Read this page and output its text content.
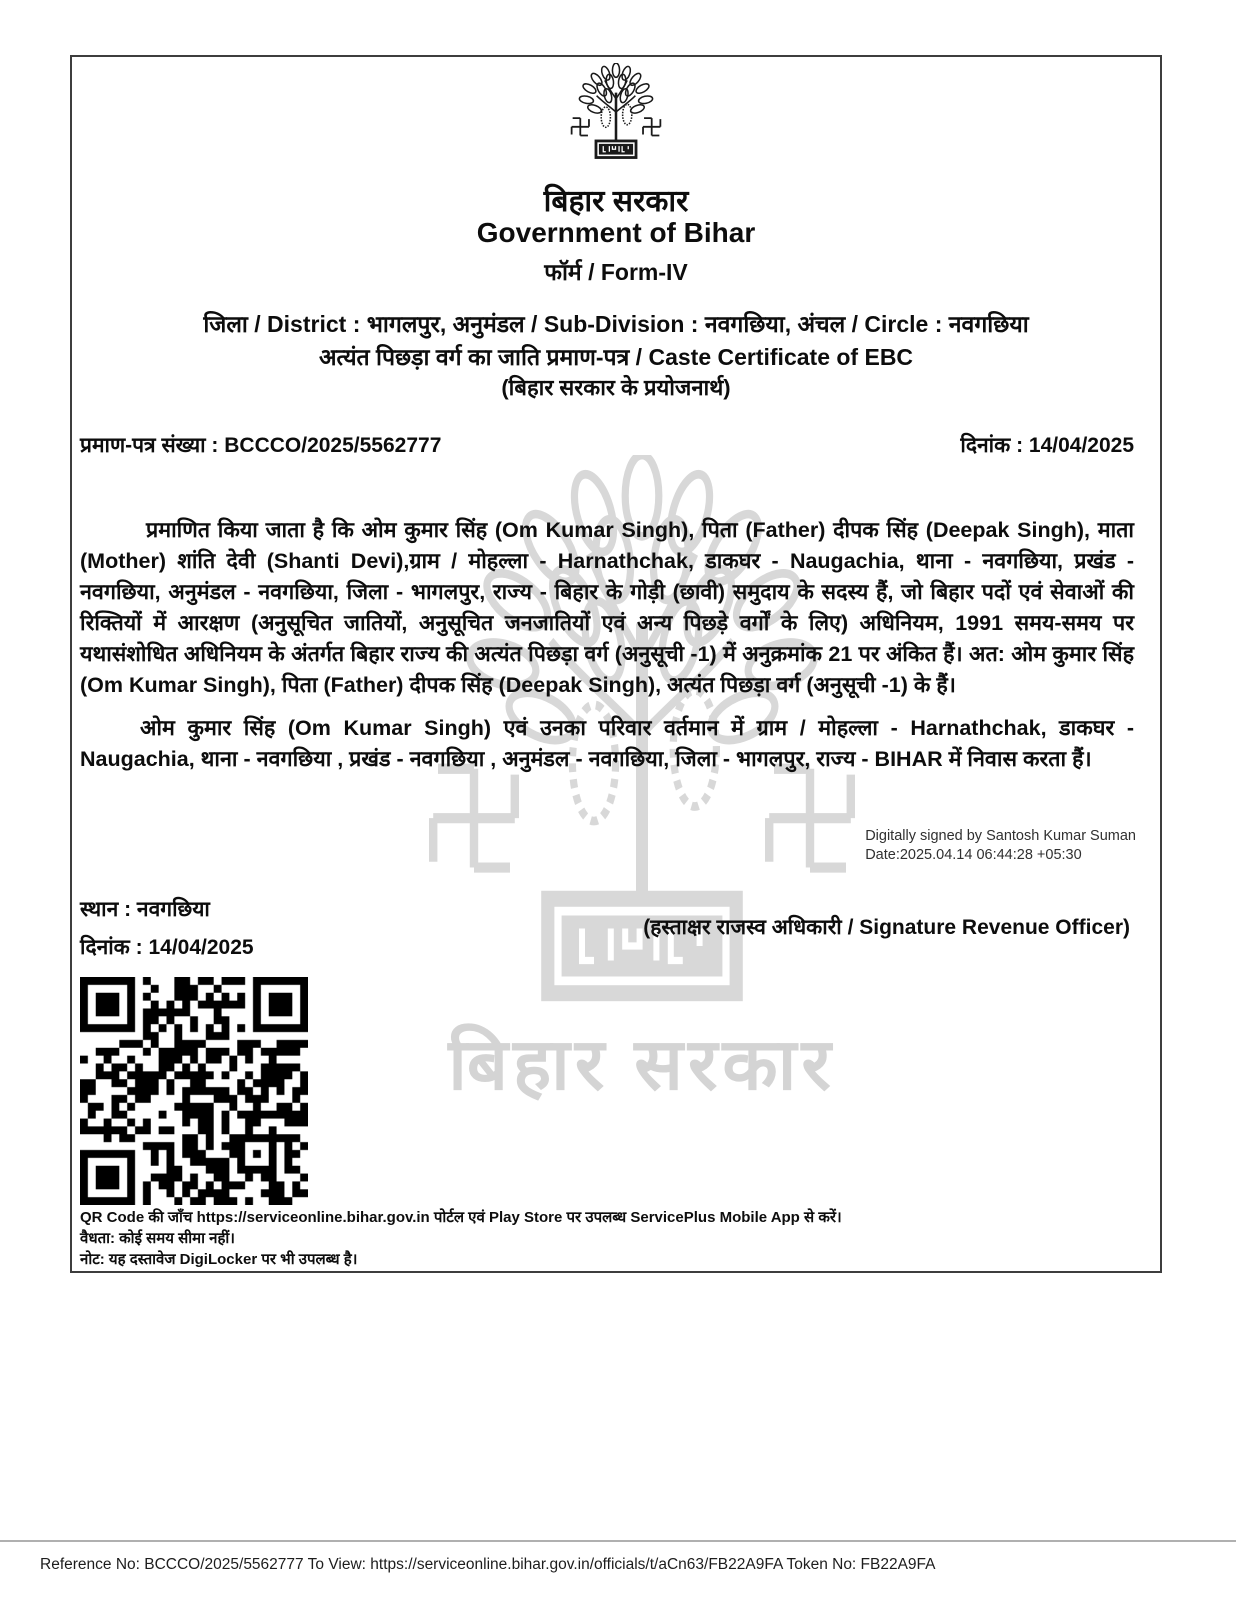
बिहार सरकार
बिहार सरकार
Government of Bihar
फॉर्म / Form-IV
जिला / District : भागलपुर, अनुमंडल / Sub-Division : नवगछिया, अंचल / Circle : नवगछिया
अत्यंत पिछड़ा वर्ग का जाति प्रमाण-पत्र / Caste Certificate of EBC
(बिहार सरकार के प्रयोजनार्थ)
प्रमाण-पत्र संख्या : BCCCO/2025/5562777	दिनांक : 14/04/2025
प्रमाणित किया जाता है कि ओम कुमार सिंह (Om Kumar Singh), पिता (Father) दीपक सिंह (Deepak Singh), माता (Mother) शांति देवी (Shanti Devi),ग्राम / मोहल्ला - Harnathchak, डाकघर - Naugachia, थाना - नवगछिया, प्रखंड - नवगछिया, अनुमंडल - नवगछिया, जिला - भागलपुर, राज्य - बिहार के गोड़ी (छावी) समुदाय के सदस्य हैं, जो बिहार पदों एवं सेवाओं की रिक्तियों में आरक्षण (अनुसूचित जातियों, अनुसूचित जनजातियों एवं अन्य पिछड़े वर्गों के लिए) अधिनियम, 1991 समय-समय पर यथासंशोधित अधिनियम के अंतर्गत बिहार राज्य की अत्यंत पिछड़ा वर्ग (अनुसूची -1) में अनुक्रमांक 21 पर अंकित हैं। अत: ओम कुमार सिंह (Om Kumar Singh), पिता (Father) दीपक सिंह (Deepak Singh), अत्यंत पिछड़ा वर्ग (अनुसूची -1) के हैं।
ओम कुमार सिंह (Om Kumar Singh) एवं उनका परिवार वर्तमान में ग्राम / मोहल्ला - Harnathchak, डाकघर - Naugachia, थाना - नवगछिया , प्रखंड - नवगछिया , अनुमंडल - नवगछिया, जिला - भागलपुर, राज्य - BIHAR में निवास करता हैं।
Digitally signed by Santosh Kumar Suman
Date:2025.04.14 06:44:28 +05:30
स्थान : नवगछिया
(हस्ताक्षर राजस्व अधिकारी / Signature Revenue Officer)
दिनांक : 14/04/2025
QR Code की जाँच https://serviceonline.bihar.gov.in पोर्टल एवं Play Store पर उपलब्ध ServicePlus Mobile App से करें।
वैधता: कोई समय सीमा नहीं।
नोट: यह दस्तावेज DigiLocker पर भी उपलब्ध है।
Reference No: BCCCO/2025/5562777 To View: https://serviceonline.bihar.gov.in/officials/t/aCn63/FB22A9FA Token No: FB22A9FA
